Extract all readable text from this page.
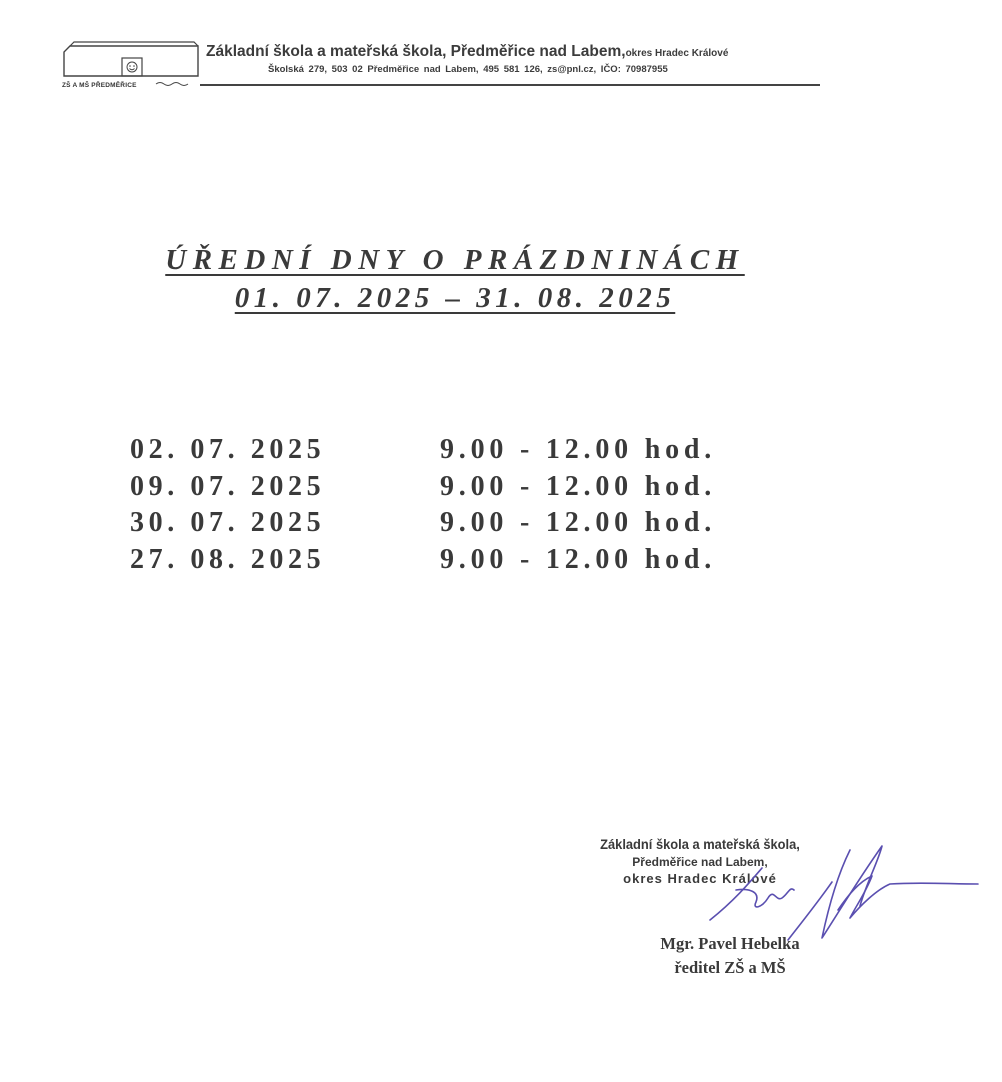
ZŠ A MŠ PŘEDMĚŘICE
Základní škola a mateřská škola, Předměřice nad Labem,okres Hradec Králové
Školská 279, 503 02 Předměřice nad Labem, 495 581 126, zs@pnl.cz, IČO: 70987955
ÚŘEDNÍ DNY O PRÁZDNINÁCH
01. 07. 2025 – 31. 08. 2025
02. 07. 2025	9.00 - 12.00 hod.
09. 07. 2025	9.00 - 12.00 hod.
30. 07. 2025	9.00 - 12.00 hod.
27. 08. 2025	9.00 - 12.00 hod.
Základní škola a mateřská škola,
Předměřice nad Labem,
okres Hradec Králové
Mgr. Pavel Hebelka
ředitel ZŠ a MŠ
